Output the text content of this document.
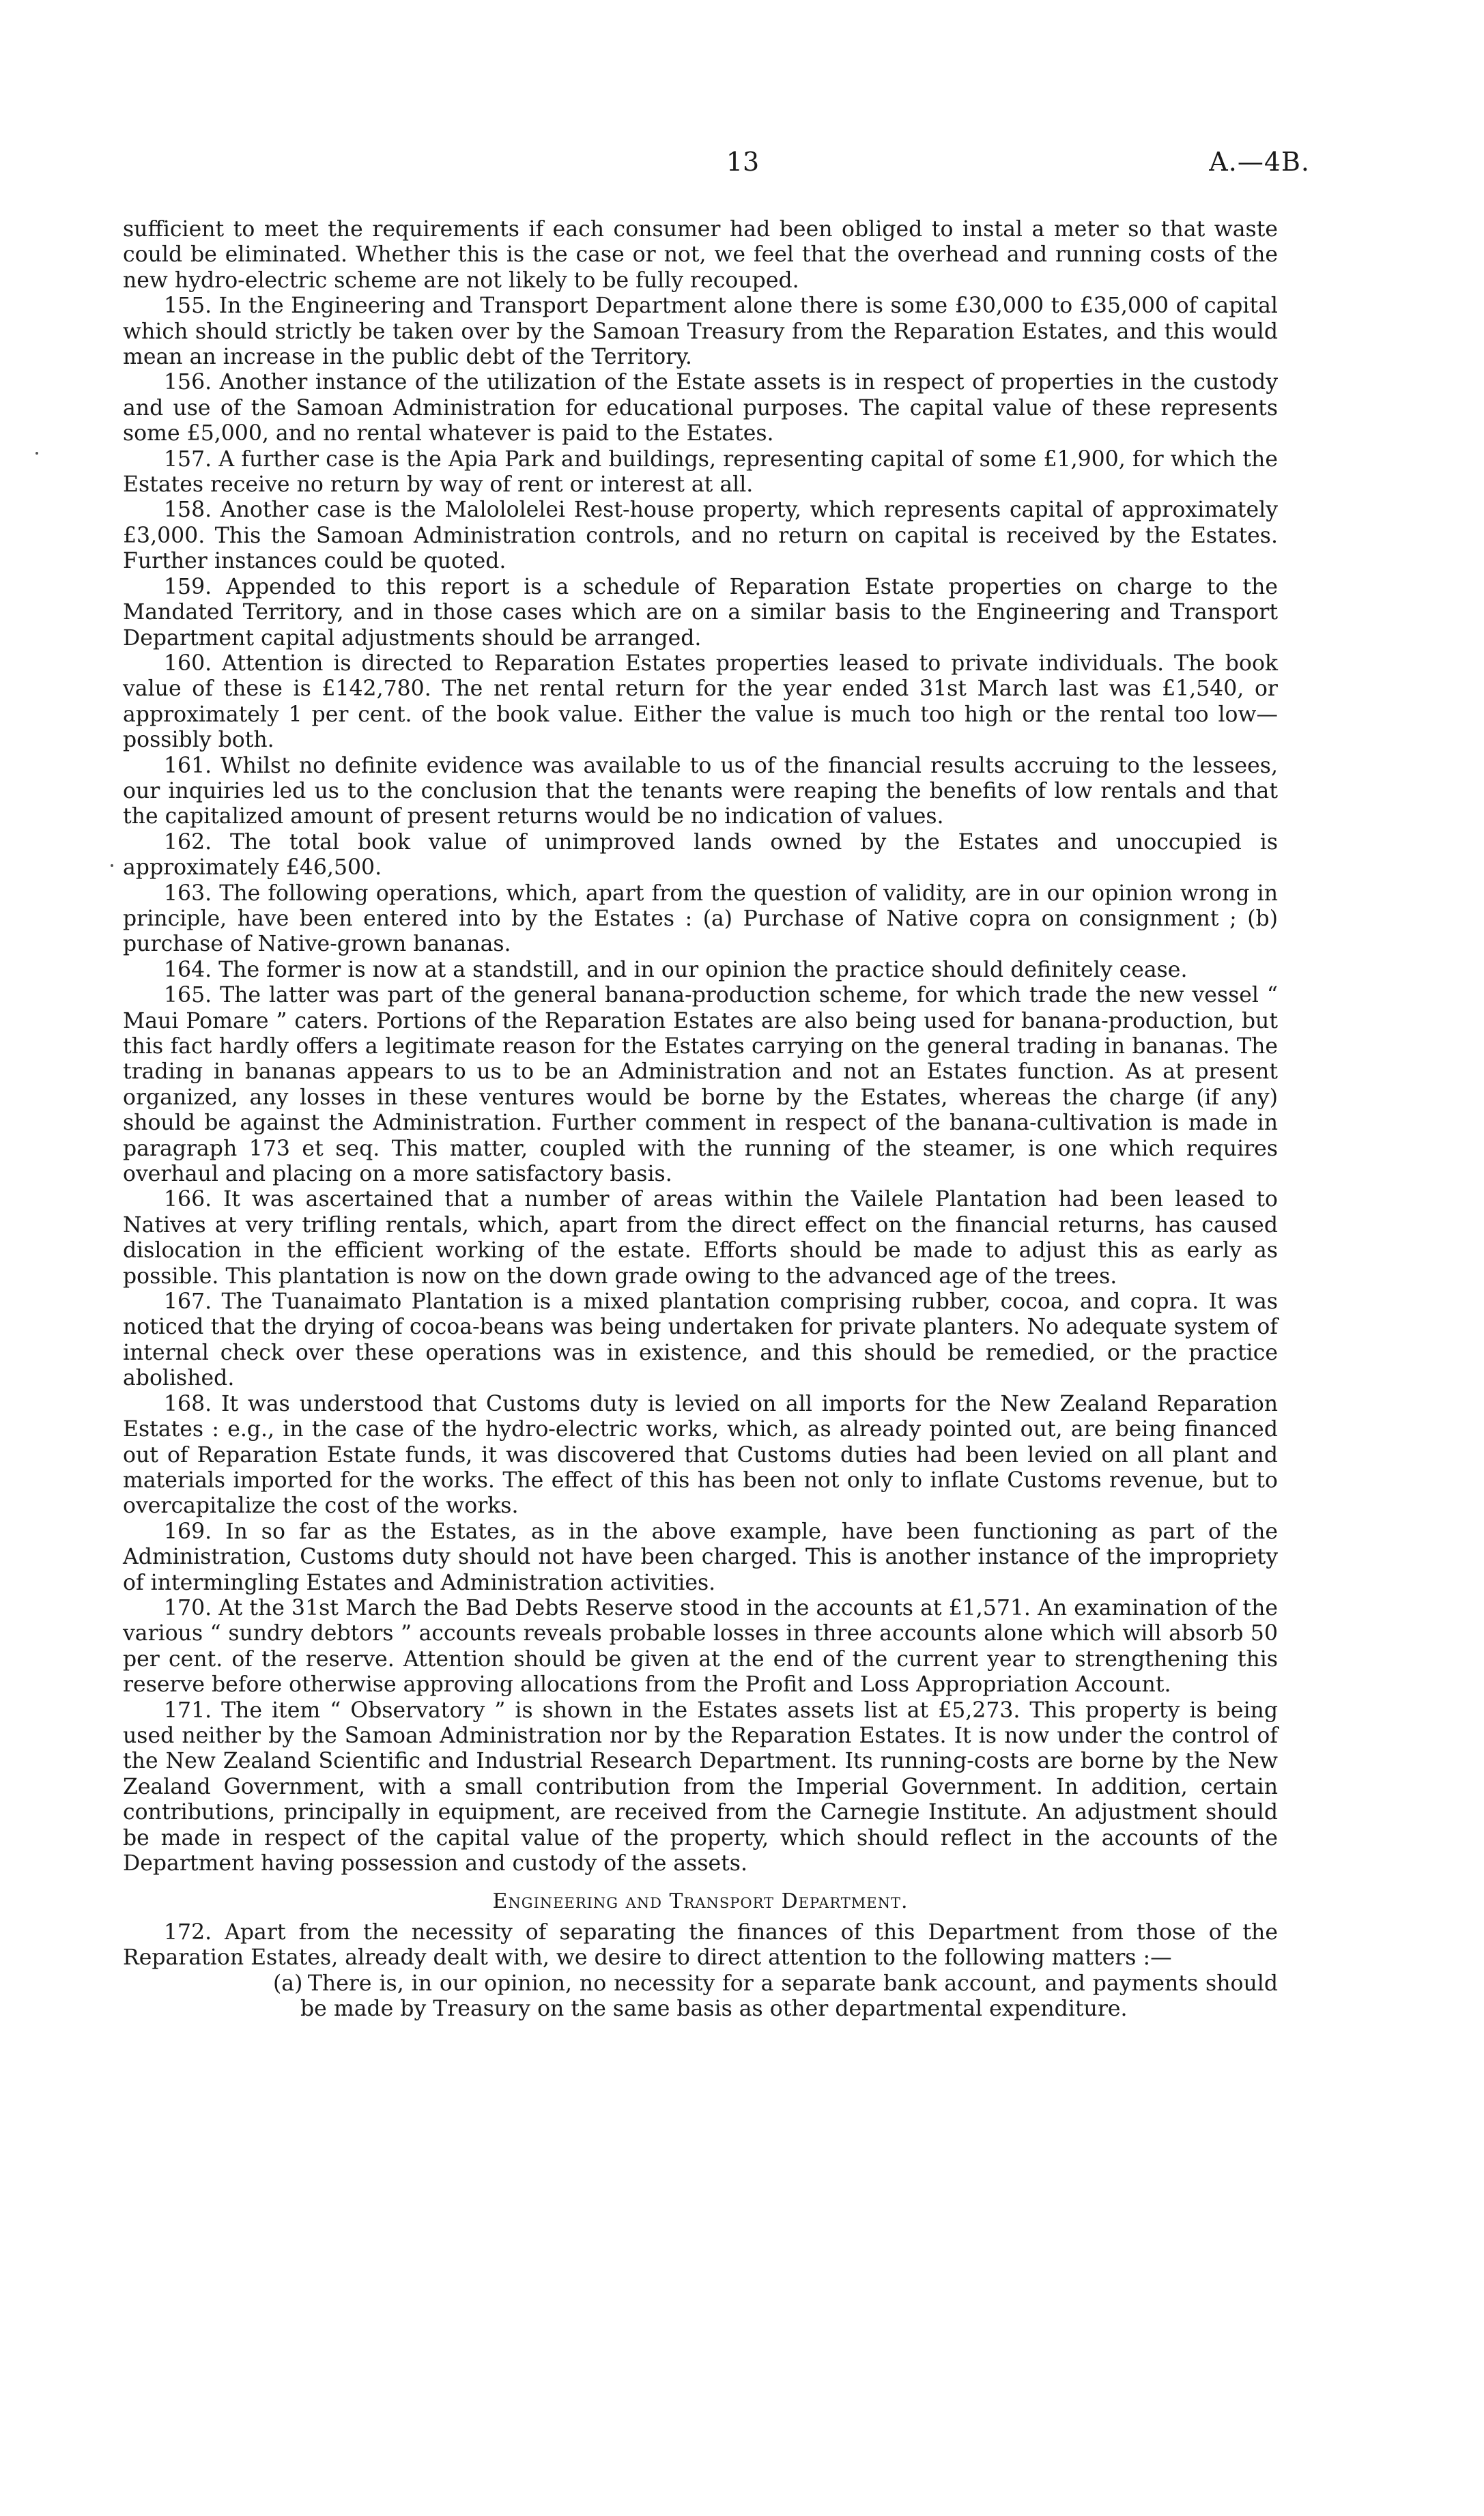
13	A.—4B.

sufficient to meet the requirements if each consumer had been obliged to instal a meter so that waste could be eliminated. Whether this is the case or not, we feel that the overhead and running costs of the new hydro-electric scheme are not likely to be fully recouped.

155. In the Engineering and Transport Department alone there is some £30,000 to £35,000 of capital which should strictly be taken over by the Samoan Treasury from the Reparation Estates, and this would mean an increase in the public debt of the Territory.

156. Another instance of the utilization of the Estate assets is in respect of properties in the custody and use of the Samoan Administration for educational purposes. The capital value of these represents some £5,000, and no rental whatever is paid to the Estates.

157. A further case is the Apia Park and buildings, representing capital of some £1,900, for which the Estates receive no return by way of rent or interest at all.

158. Another case is the Malololelei Rest-house property, which represents capital of approximately £3,000. This the Samoan Administration controls, and no return on capital is received by the Estates. Further instances could be quoted.

159. Appended to this report is a schedule of Reparation Estate properties on charge to the Mandated Territory, and in those cases which are on a similar basis to the Engineering and Transport Department capital adjustments should be arranged.

160. Attention is directed to Reparation Estates properties leased to private individuals. The book value of these is £142,780. The net rental return for the year ended 31st March last was £1,540, or approximately 1 per cent. of the book value. Either the value is much too high or the rental too low—possibly both.

161. Whilst no definite evidence was available to us of the financial results accruing to the lessees, our inquiries led us to the conclusion that the tenants were reaping the benefits of low rentals and that the capitalized amount of present returns would be no indication of values.

162. The total book value of unimproved lands owned by the Estates and unoccupied is approximately £46,500.

163. The following operations, which, apart from the question of validity, are in our opinion wrong in principle, have been entered into by the Estates : (a) Purchase of Native copra on consignment ; (b) purchase of Native-grown bananas.

164. The former is now at a standstill, and in our opinion the practice should definitely cease.

165. The latter was part of the general banana-production scheme, for which trade the new vessel “ Maui Pomare ” caters. Portions of the Reparation Estates are also being used for banana-production, but this fact hardly offers a legitimate reason for the Estates carrying on the general trading in bananas. The trading in bananas appears to us to be an Administration and not an Estates function. As at present organized, any losses in these ventures would be borne by the Estates, whereas the charge (if any) should be against the Administration. Further comment in respect of the banana-cultivation is made in paragraph 173 et seq. This matter, coupled with the running of the steamer, is one which requires overhaul and placing on a more satisfactory basis.

166. It was ascertained that a number of areas within the Vailele Plantation had been leased to Natives at very trifling rentals, which, apart from the direct effect on the financial returns, has caused dislocation in the efficient working of the estate. Efforts should be made to adjust this as early as possible. This plantation is now on the down grade owing to the advanced age of the trees.

167. The Tuanaimato Plantation is a mixed plantation comprising rubber, cocoa, and copra. It was noticed that the drying of cocoa-beans was being undertaken for private planters. No adequate system of internal check over these operations was in existence, and this should be remedied, or the practice abolished.

168. It was understood that Customs duty is levied on all imports for the New Zealand Reparation Estates : e.g., in the case of the hydro-electric works, which, as already pointed out, are being financed out of Reparation Estate funds, it was discovered that Customs duties had been levied on all plant and materials imported for the works. The effect of this has been not only to inflate Customs revenue, but to overcapitalize the cost of the works.

169. In so far as the Estates, as in the above example, have been functioning as part of the Administration, Customs duty should not have been charged. This is another instance of the impropriety of intermingling Estates and Administration activities.

170. At the 31st March the Bad Debts Reserve stood in the accounts at £1,571. An examination of the various “ sundry debtors ” accounts reveals probable losses in three accounts alone which will absorb 50 per cent. of the reserve. Attention should be given at the end of the current year to strengthening this reserve before otherwise approving allocations from the Profit and Loss Appropriation Account.

171. The item “ Observatory ” is shown in the Estates assets list at £5,273. This property is being used neither by the Samoan Administration nor by the Reparation Estates. It is now under the control of the New Zealand Scientific and Industrial Research Department. Its running-costs are borne by the New Zealand Government, with a small contribution from the Imperial Government. In addition, certain contributions, principally in equipment, are received from the Carnegie Institute. An adjustment should be made in respect of the capital value of the property, which should reflect in the accounts of the Department having possession and custody of the assets.

Engineering and Transport Department.

172. Apart from the necessity of separating the finances of this Department from those of the Reparation Estates, already dealt with, we desire to direct attention to the following matters :—

(a) There is, in our opinion, no necessity for a separate bank account, and payments should be made by Treasury on the same basis as other departmental expenditure.
